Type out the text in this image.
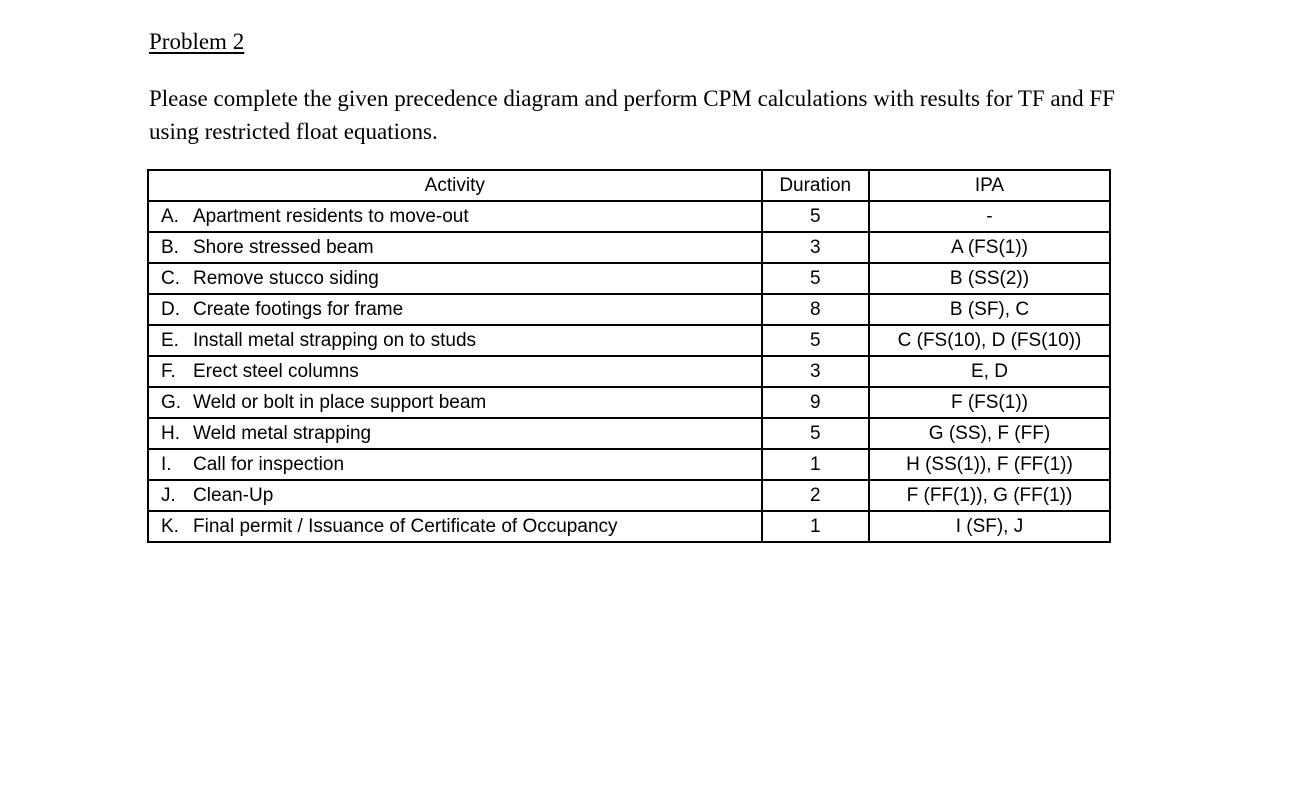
Problem 2

Please complete the given precedence diagram and perform CPM calculations with results for TF and FF using restricted float equations.

Activity	Duration	IPA
A. Apartment residents to move-out	5	-
B. Shore stressed beam	3	A (FS(1))
C. Remove stucco siding	5	B (SS(2))
D. Create footings for frame	8	B (SF), C
E. Install metal strapping on to studs	5	C (FS(10), D (FS(10))
F. Erect steel columns	3	E, D
G. Weld or bolt in place support beam	9	F (FS(1))
H. Weld metal strapping	5	G (SS), F (FF)
I. Call for inspection	1	H (SS(1)), F (FF(1))
J. Clean-Up	2	F (FF(1)), G (FF(1))
K. Final permit / Issuance of Certificate of Occupancy	1	I (SF), J
